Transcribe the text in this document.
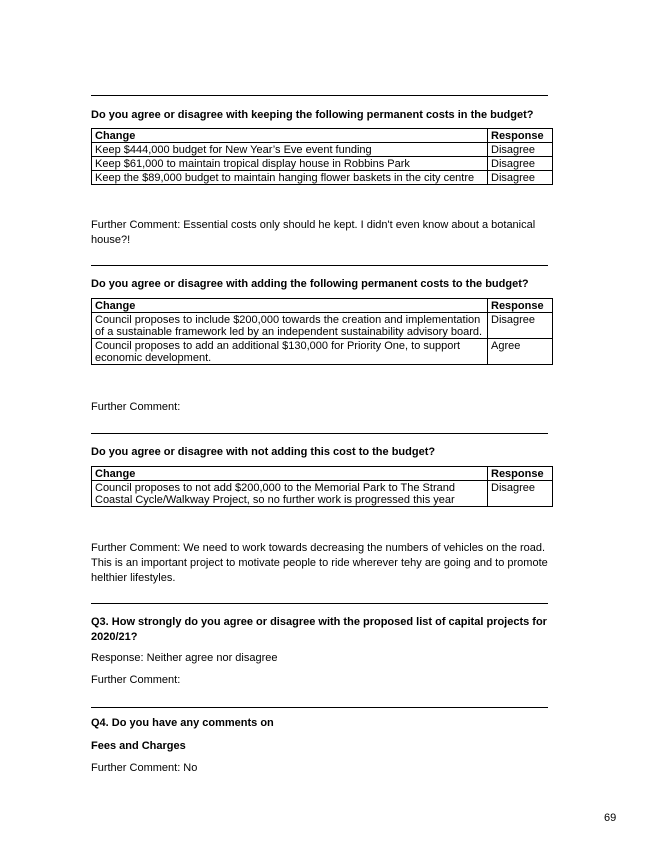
Do you agree or disagree with keeping the following permanent costs in the budget?
Change	Response
Keep $444,000 budget for New Year’s Eve event funding	Disagree
Keep $61,000 to maintain tropical display house in Robbins Park	Disagree
Keep the $89,000 budget to maintain hanging flower baskets in the city centre	Disagree
Further Comment: Essential costs only should he kept. I didn't even know about a botanical house?!
Do you agree or disagree with adding the following permanent costs to the budget?
Change	Response
Council proposes to include $200,000 towards the creation and implementation of a sustainable framework led by an independent sustainability advisory board.	Disagree
Council proposes to add an additional $130,000 for Priority One, to support economic development.	Agree
Further Comment:
Do you agree or disagree with not adding this cost to the budget?
Change	Response
Council proposes to not add $200,000 to the Memorial Park to The Strand Coastal Cycle/Walkway Project, so no further work is progressed this year	Disagree
Further Comment: We need to work towards decreasing the numbers of vehicles on the road. This is an important project to motivate people to ride wherever tehy are going and to promote helthier lifestyles.
Q3. How strongly do you agree or disagree with the proposed list of capital projects for 2020/21?
Response: Neither agree nor disagree
Further Comment:
Q4. Do you have any comments on
Fees and Charges
Further Comment: No
69
